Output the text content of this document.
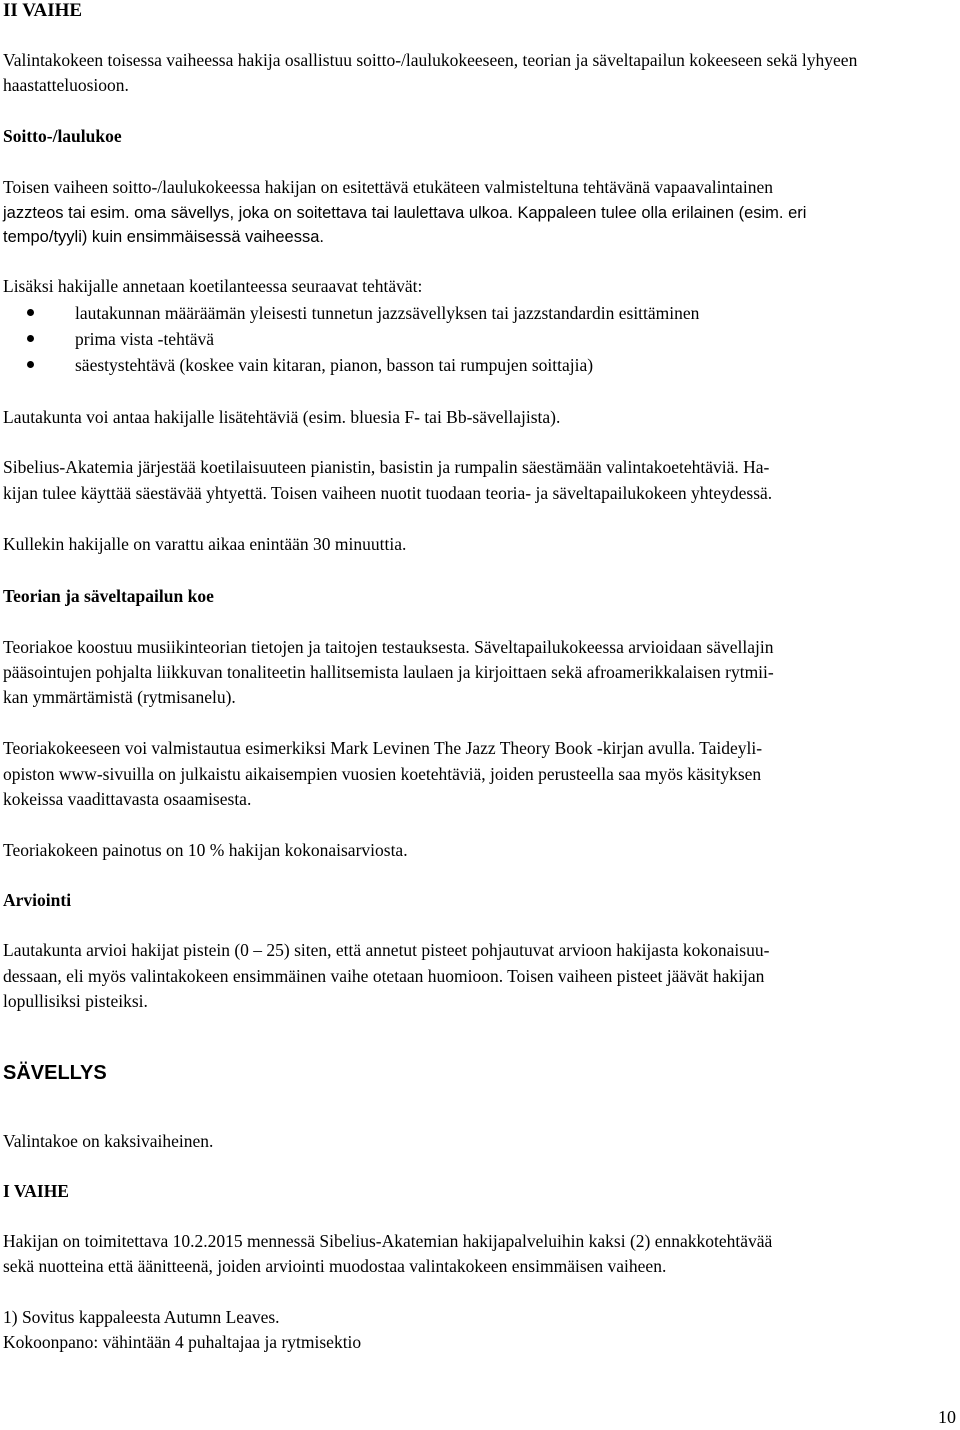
II VAIHE

Valintakokeen toisessa vaiheessa hakija osallistuu soitto-/laulukokeeseen, teorian ja säveltapailun kokeeseen sekä lyhyeen haastatteluosioon.

Soitto-/laulukoe
Toisen vaiheen soitto-/laulukokeessa hakijan on esitettävä etukäteen valmisteltuna tehtävänä vapaavalintainen
jazzteos tai esim. oma sävellys, joka on soitettava tai laulettava ulkoa. Kappaleen tulee olla erilainen (esim. eri
tempo/tyyli) kuin ensimmäisessä vaiheessa.
Lisäksi hakijalle annetaan koetilanteessa seuraavat tehtävät:
lautakunnan määräämän yleisesti tunnetun jazzsävellyksen tai jazzstandardin esittäminen
prima vista -tehtävä
säestystehtävä (koskee vain kitaran, pianon, basson tai rumpujen soittajia)
Lautakunta voi antaa hakijalle lisätehtäviä (esim. bluesia F- tai Bb-sävellajista).
Sibelius-Akatemia järjestää koetilaisuuteen pianistin, basistin ja rumpalin säestämään valintakoetehtäviä. Ha-
kijan tulee käyttää säestävää yhtyettä. Toisen vaiheen nuotit tuodaan teoria- ja säveltapailukokeen yhteydessä.
Kullekin hakijalle on varattu aikaa enintään 30 minuuttia.
Teorian ja säveltapailun koe
Teoriakoe koostuu musiikinteorian tietojen ja taitojen testauksesta. Säveltapailukokeessa arvioidaan sävellajin
pääsointujen pohjalta liikkuvan tonaliteetin hallitsemista laulaen ja kirjoittaen sekä afroamerikkalaisen rytmii-
kan ymmärtämistä (rytmisanelu).
Teoriakokeeseen voi valmistautua esimerkiksi Mark Levinen The Jazz Theory Book -kirjan avulla. Taideyli-
opiston www-sivuilla on julkaistu aikaisempien vuosien koetehtäviä, joiden perusteella saa myös käsityksen
kokeissa vaadittavasta osaamisesta.
Teoriakokeen painotus on 10 % hakijan kokonaisarviosta.
Arviointi
Lautakunta arvioi hakijat pistein (0 – 25) siten, että annetut pisteet pohjautuvat arvioon hakijasta kokonaisuu-
dessaan, eli myös valintakokeen ensimmäinen vaihe otetaan huomioon. Toisen vaiheen pisteet jäävät hakijan
lopullisiksi pisteiksi.
SÄVELLYS
Valintakoe on kaksivaiheinen.
I VAIHE
Hakijan on toimitettava 10.2.2015 mennessä Sibelius-Akatemian hakijapalveluihin kaksi (2) ennakkotehtävää
sekä nuotteina että äänitteenä, joiden arviointi muodostaa valintakokeen ensimmäisen vaiheen.
1) Sovitus kappaleesta Autumn Leaves.
Kokoonpano: vähintään 4 puhaltajaa ja rytmisektio
10
